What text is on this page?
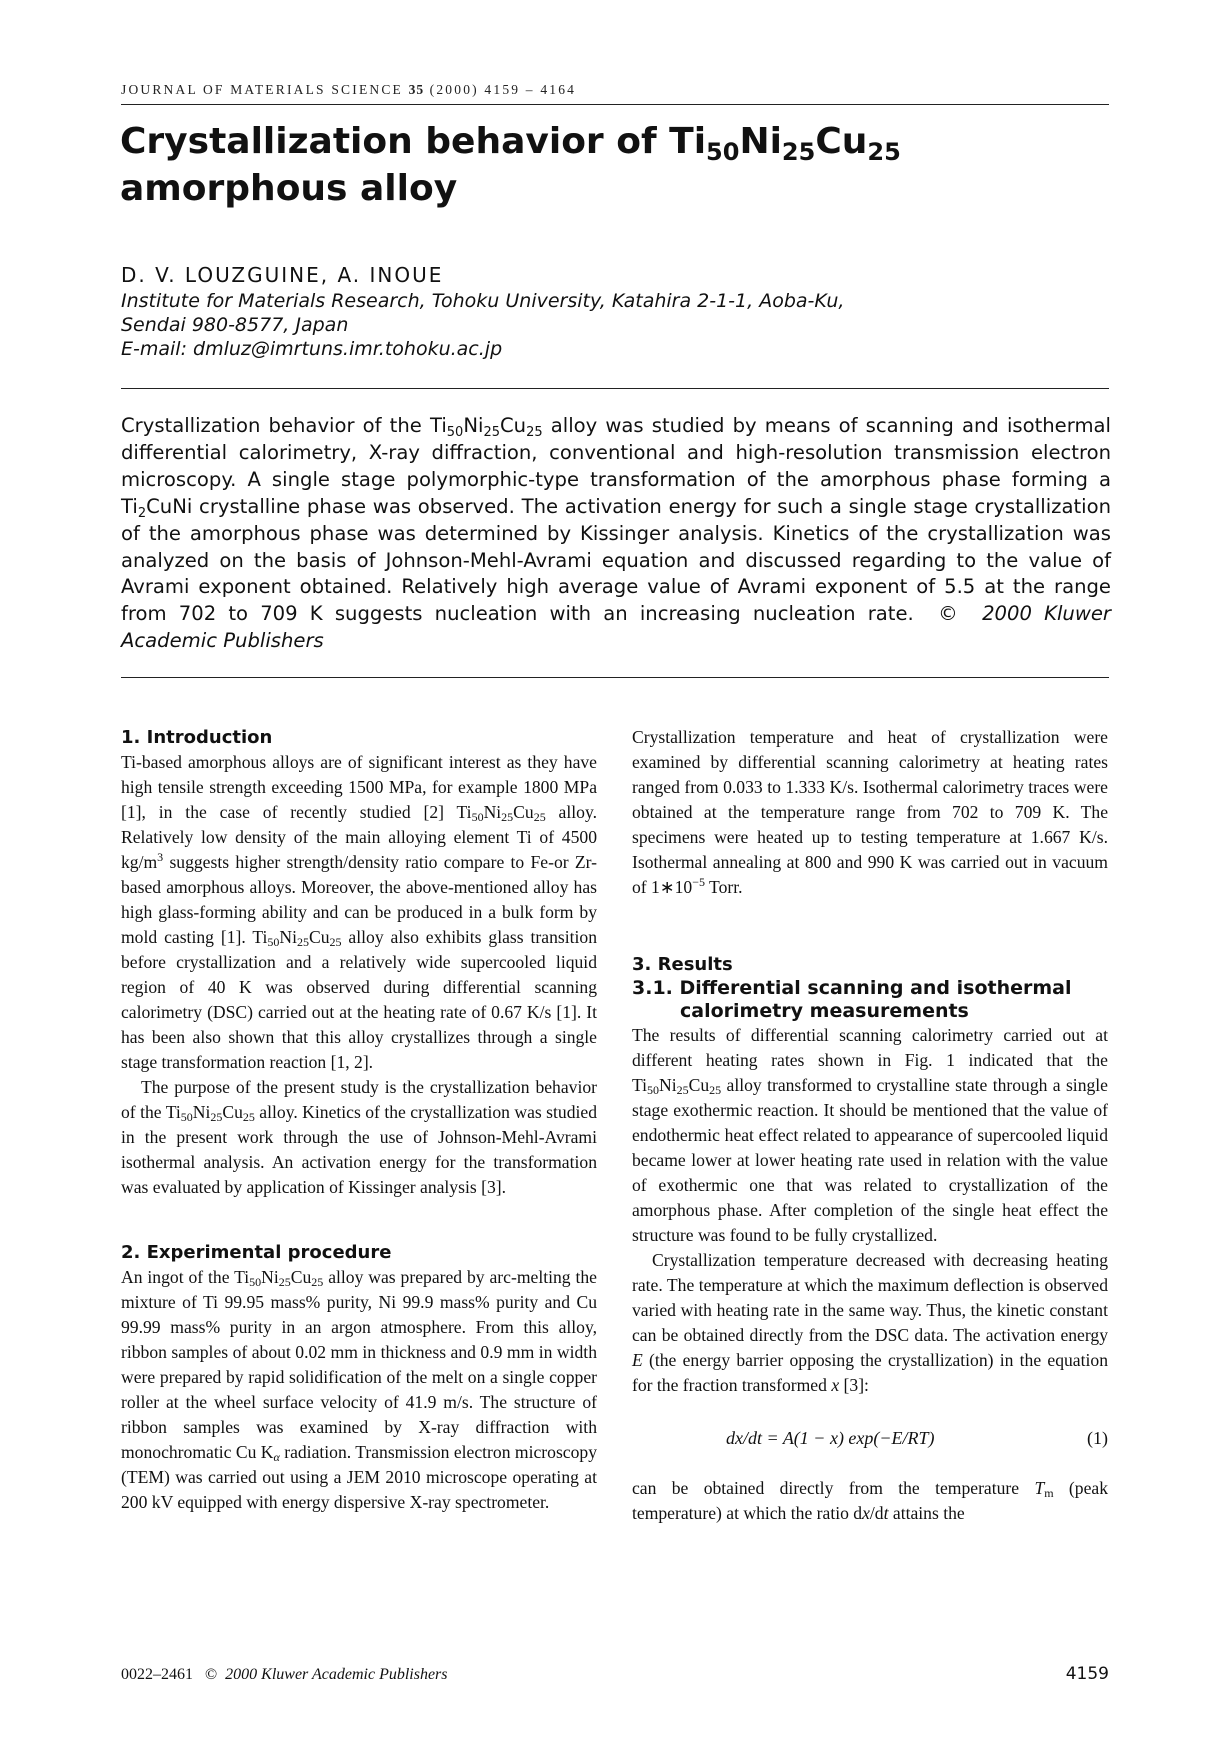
JOURNAL OF MATERIALS SCIENCE 35 (2000) 4159 – 4164
Crystallization behavior of $Ti_{50}Ni_{25}Cu_{25}$
amorphous alloy
D. V. LOUZGUINE, A. INOUE
Institute for Materials Research, Tohoku University, Katahira 2-1-1, Aoba-Ku,
Sendai 980-8577, Japan
E-mail: dmluz@imrtuns.imr.tohoku.ac.jp

Crystallization behavior of the $Ti_{50}Ni_{25}Cu_{25}$ alloy was studied by means of scanning and isothermal differential calorimetry, X-ray diffraction, conventional and high-resolution transmission electron microscopy. A single stage polymorphic-type transformation of the amorphous phase forming a $Ti_2CuNi$ crystalline phase was observed. The activation energy for such a single stage crystallization of the amorphous phase was determined by Kissinger analysis. Kinetics of the crystallization was analyzed on the basis of Johnson-Mehl-Avrami equation and discussed regarding to the value of Avrami exponent obtained. Relatively high average value of Avrami exponent of 5.5 at the range from 702 to 709 K suggests nucleation with an increasing nucleation rate. © 2000 Kluwer Academic Publishers

1. Introduction

Ti-based amorphous alloys are of significant interest as they have high tensile strength exceeding 1500 MPa, for example 1800 MPa [1], in the case of recently studied [2] $Ti_{50}Ni_{25}Cu_{25}$ alloy. Relatively low density of the main alloying element Ti of 4500 $kg/m^3$ suggests higher strength/density ratio compare to Fe-or Zr-based amorphous alloys. Moreover, the above-mentioned alloy has high glass-forming ability and can be produced in a bulk form by mold casting [1]. $Ti_{50}Ni_{25}Cu_{25}$ alloy also exhibits glass transition before crystallization and a relatively wide supercooled liquid region of 40 K was observed during differential scanning calorimetry (DSC) carried out at the heating rate of 0.67 K/s [1]. It has been also shown that this alloy crystallizes through a single stage transformation reaction [1, 2].

The purpose of the present study is the crystallization behavior of the $Ti_{50}Ni_{25}Cu_{25}$ alloy. Kinetics of the crystallization was studied in the present work through the use of Johnson-Mehl-Avrami isothermal analysis. An activation energy for the transformation was evaluated by application of Kissinger analysis [3].

2. Experimental procedure

An ingot of the $Ti_{50}Ni_{25}Cu_{25}$ alloy was prepared by arc-melting the mixture of Ti 99.95 mass% purity, Ni 99.9 mass% purity and Cu 99.99 mass% purity in an argon atmosphere. From this alloy, ribbon samples of about 0.02 mm in thickness and 0.9 mm in width were prepared by rapid solidification of the melt on a single copper roller at the wheel surface velocity of 41.9 m/s. The structure of ribbon samples was examined by X-ray diffraction with monochromatic Cu $K_\alpha$ radiation. Transmission electron microscopy (TEM) was carried out using a JEM 2010 microscope operating at 200 kV equipped with energy dispersive X-ray spectrometer.

Crystallization temperature and heat of crystallization were examined by differential scanning calorimetry at heating rates ranged from 0.033 to 1.333 K/s. Isothermal calorimetry traces were obtained at the temperature range from 702 to 709 K. The specimens were heated up to testing temperature at 1.667 K/s. Isothermal annealing at 800 and 990 K was carried out in vacuum of $1∗10^{-5}$ Torr.

3. Results
3.1. Differential scanning and isothermal calorimetry measurements

The results of differential scanning calorimetry carried out at different heating rates shown in Fig. 1 indicated that the $Ti_{50}Ni_{25}Cu_{25}$ alloy transformed to crystalline state through a single stage exothermic reaction. It should be mentioned that the value of endothermic heat effect related to appearance of supercooled liquid became lower at lower heating rate used in relation with the value of exothermic one that was related to crystallization of the amorphous phase. After completion of the single heat effect the structure was found to be fully crystallized.

Crystallization temperature decreased with decreasing heating rate. The temperature at which the maximum deflection is observed varied with heating rate in the same way. Thus, the kinetic constant can be obtained directly from the DSC data. The activation energy E (the energy barrier opposing the crystallization) in the equation for the fraction transformed x [3]:

dx/dt = A(1 − x) exp(−E/RT)	(1)

can be obtained directly from the temperature $T_m$ (peak temperature) at which the ratio dx/dt attains the

0022–2461 © 2000 Kluwer Academic Publishers	4159
